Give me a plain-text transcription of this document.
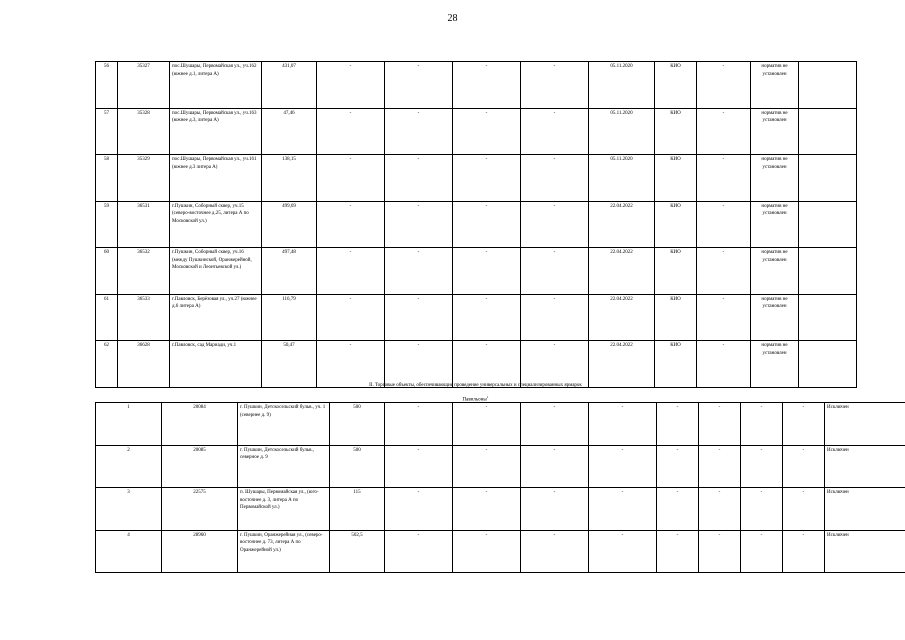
28
56	35327	пос.Шушары, Первомайская ул., уч.162 (южнее д.1, литера А)	431,07	-	-	-	-	05.11.2020	КИО	-	норматив не установлен	
57	35328	пос.Шушары, Первомайская ул., уч.163 (южнее д.3, литера А)	47,46	-	-	-	-	05.11.2020	КИО	-	норматив не установлен	
58	35329	пос.Шушары, Первомайская ул., уч.161 (южнее д.3 литера А)	138,15	-	-	-	-	05.11.2020	КИО	-	норматив не установлен	
59	36531	г.Пушкин, Соборный сквер, уч.15 (северо-восточнее д.25, литера А по Московской ул.)	499,69	-	-	-	-	22.04.2022	КИО	-	норматив не установлен	
60	36532	г.Пушкин, Соборный сквер, уч.16 (между Пушкинской, Оранжерейной, Московской и Леонтьевской ул.)	497,48	-	-	-	-	22.04.2022	КИО	-	норматив не установлен	
61	36533	г.Павловск, Берёзовая ул., уч.27 (южнее д.6 литера А)	116,79	-	-	-	-	22.04.2022	КИО	-	норматив не установлен	
62	36628	г.Павловск, сад Мариади, уч.1	50,47	-	-	-	-	22.04.2022	КИО	-	норматив не установлен	
II. Торговые объекты, обеспечивающие проведение универсальных и специализированных ярмарок
Павильоны$^1$
1	20084	г. Пушкин, Детскосельский бульв., уч. 1 (севернее д. 9)	500	-	-	-	-	-	-	-	-	Исключен
2	20085	г. Пушкин, Детскосельский бульв., северное д. 9	500	-	-	-	-	-	-	-	-	Исключен
3	22575	п. Шушары, Первомайская ул., (юго-восточнее д. 3, литера А по Первомайской ул.)	115	-	-	-	-	-	-	-	-	Исключен
4	28960	г. Пушкин, Оранжерейная ул., (северо-восточнее д. 73, литера А по Оранжерейной ул.)	502,5	-	-	-	-	-	-	-	-	Исключен
